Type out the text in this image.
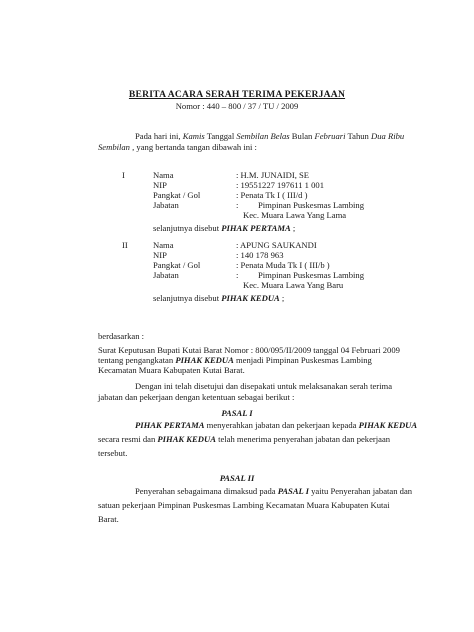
BERITA ACARA SERAH TERIMA PEKERJAAN
Nomor : 440 – 800 / 37 / TU / 2009
Pada hari ini, Kamis Tanggal Sembilan Belas Bulan Februari Tahun Dua Ribu
Sembilan , yang bertanda tangan dibawah ini :
I	Nama
NIP
Pangkat / Gol
Jabatan
: H.M. JUNAIDI, SE
: 19551227 197611 1 001
: Penata Tk I ( III/d )
: Pimpinan Puskesmas Lambing
Kec. Muara Lawa Yang Lama
selanjutnya disebut PIHAK PERTAMA ;
II	Nama
NIP
Pangkat / Gol
Jabatan
: APUNG SAUKANDI
: 140 178 963
: Penata Muda Tk I ( III/b )
: Pimpinan Puskesmas Lambing
Kec. Muara Lawa Yang Baru
selanjutnya disebut PIHAK KEDUA ;
berdasarkan :
Surat Keputusan Bupati Kutai Barat Nomor : 800/095/II/2009 tanggal 04 Februari 2009
tentang pengangkatan PIHAK KEDUA menjadi Pimpinan Puskesmas Lambing
Kecamatan Muara Kabupaten Kutai Barat.
Dengan ini telah disetujui dan disepakati untuk melaksanakan serah terima
jabatan dan pekerjaan dengan ketentuan sebagai berikut :
PASAL I
PIHAK PERTAMA menyerahkan jabatan dan pekerjaan kepada PIHAK KEDUA
secara resmi dan PIHAK KEDUA telah menerima penyerahan jabatan dan pekerjaan
tersebut.
PASAL II
Penyerahan sebagaimana dimaksud pada PASAL I yaitu Penyerahan jabatan dan
satuan pekerjaan Pimpinan Puskesmas Lambing Kecamatan Muara Kabupaten Kutai
Barat.
